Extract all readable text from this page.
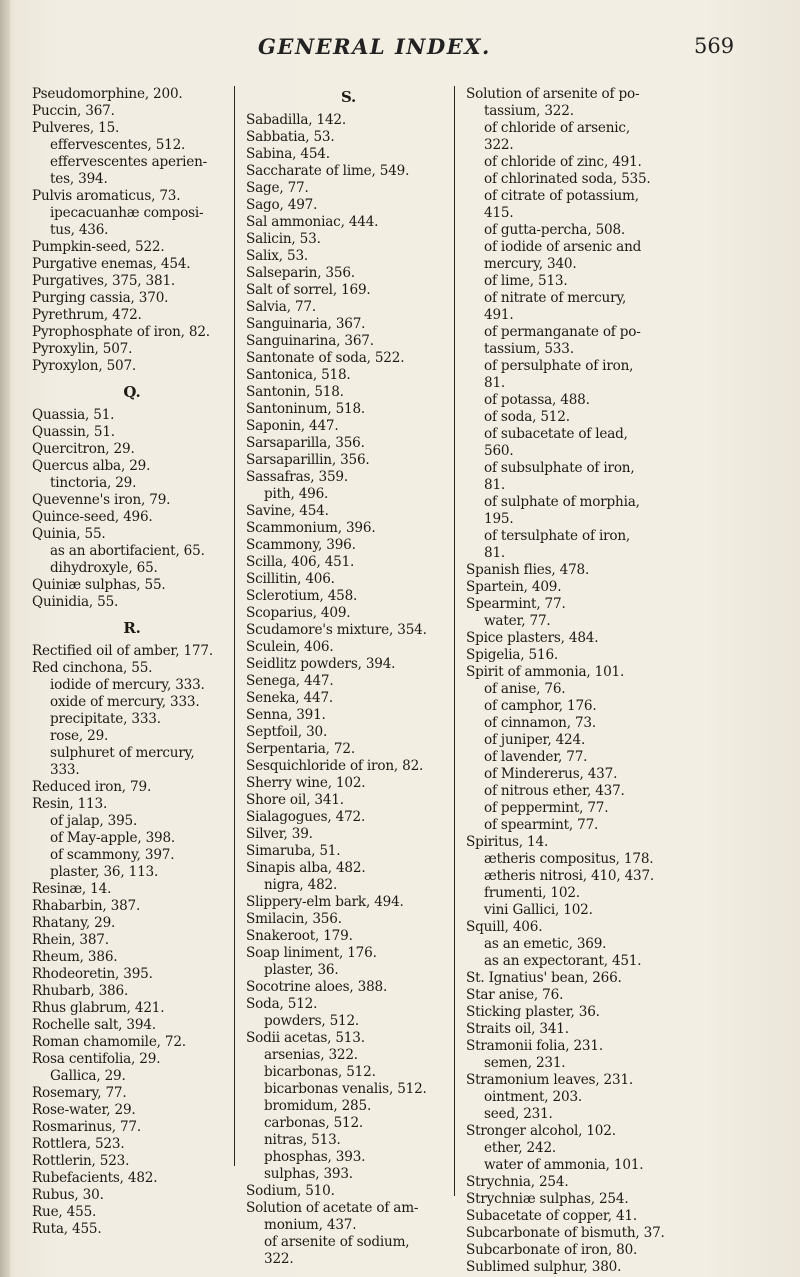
GENERAL INDEX.	569
Pseudomorphine, 200.
Puccin, 367.
Pulveres, 15.
effervescentes, 512.
effervescentes aperien-
tes, 394.
Pulvis aromaticus, 73.
ipecacuanhæ composi-
tus, 436.
Pumpkin-seed, 522.
Purgative enemas, 454.
Purgatives, 375, 381.
Purging cassia, 370.
Pyrethrum, 472.
Pyrophosphate of iron, 82.
Pyroxylin, 507.
Pyroxylon, 507.
Q.
Quassia, 51.
Quassin, 51.
Quercitron, 29.
Quercus alba, 29.
tinctoria, 29.
Quevenne's iron, 79.
Quince-seed, 496.
Quinia, 55.
as an abortifacient, 65.
dihydroxyle, 65.
Quiniæ sulphas, 55.
Quinidia, 55.
R.
Rectified oil of amber, 177.
Red cinchona, 55.
iodide of mercury, 333.
oxide of mercury, 333.
precipitate, 333.
rose, 29.
sulphuret of mercury,
333.
Reduced iron, 79.
Resin, 113.
of jalap, 395.
of May-apple, 398.
of scammony, 397.
plaster, 36, 113.
Resinæ, 14.
Rhabarbin, 387.
Rhatany, 29.
Rhein, 387.
Rheum, 386.
Rhodeoretin, 395.
Rhubarb, 386.
Rhus glabrum, 421.
Rochelle salt, 394.
Roman chamomile, 72.
Rosa centifolia, 29.
Gallica, 29.
Rosemary, 77.
Rose-water, 29.
Rosmarinus, 77.
Rottlera, 523.
Rottlerin, 523.
Rubefacients, 482.
Rubus, 30.
Rue, 455.
Ruta, 455.
S.
Sabadilla, 142.
Sabbatia, 53.
Sabina, 454.
Saccharate of lime, 549.
Sage, 77.
Sago, 497.
Sal ammoniac, 444.
Salicin, 53.
Salix, 53.
Salseparin, 356.
Salt of sorrel, 169.
Salvia, 77.
Sanguinaria, 367.
Sanguinarina, 367.
Santonate of soda, 522.
Santonica, 518.
Santonin, 518.
Santoninum, 518.
Saponin, 447.
Sarsaparilla, 356.
Sarsaparillin, 356.
Sassafras, 359.
pith, 496.
Savine, 454.
Scammonium, 396.
Scammony, 396.
Scilla, 406, 451.
Scillitin, 406.
Sclerotium, 458.
Scoparius, 409.
Scudamore's mixture, 354.
Sculein, 406.
Seidlitz powders, 394.
Senega, 447.
Seneka, 447.
Senna, 391.
Septfoil, 30.
Serpentaria, 72.
Sesquichloride of iron, 82.
Sherry wine, 102.
Shore oil, 341.
Sialagogues, 472.
Silver, 39.
Simaruba, 51.
Sinapis alba, 482.
nigra, 482.
Slippery-elm bark, 494.
Smilacin, 356.
Snakeroot, 179.
Soap liniment, 176.
plaster, 36.
Socotrine aloes, 388.
Soda, 512.
powders, 512.
Sodii acetas, 513.
arsenias, 322.
bicarbonas, 512.
bicarbonas venalis, 512.
bromidum, 285.
carbonas, 512.
nitras, 513.
phosphas, 393.
sulphas, 393.
Sodium, 510.
Solution of acetate of am-
monium, 437.
of arsenite of sodium,
322.
Solution of arsenite of po-
tassium, 322.
of chloride of arsenic,
322.
of chloride of zinc, 491.
of chlorinated soda, 535.
of citrate of potassium,
415.
of gutta-percha, 508.
of iodide of arsenic and
mercury, 340.
of lime, 513.
of nitrate of mercury,
491.
of permanganate of po-
tassium, 533.
of persulphate of iron,
81.
of potassa, 488.
of soda, 512.
of subacetate of lead,
560.
of subsulphate of iron,
81.
of sulphate of morphia,
195.
of tersulphate of iron,
81.
Spanish flies, 478.
Spartein, 409.
Spearmint, 77.
water, 77.
Spice plasters, 484.
Spigelia, 516.
Spirit of ammonia, 101.
of anise, 76.
of camphor, 176.
of cinnamon, 73.
of juniper, 424.
of lavender, 77.
of Mindererus, 437.
of nitrous ether, 437.
of peppermint, 77.
of spearmint, 77.
Spiritus, 14.
ætheris compositus, 178.
ætheris nitrosi, 410, 437.
frumenti, 102.
vini Gallici, 102.
Squill, 406.
as an emetic, 369.
as an expectorant, 451.
St. Ignatius' bean, 266.
Star anise, 76.
Sticking plaster, 36.
Straits oil, 341.
Stramonii folia, 231.
semen, 231.
Stramonium leaves, 231.
ointment, 203.
seed, 231.
Stronger alcohol, 102.
ether, 242.
water of ammonia, 101.
Strychnia, 254.
Strychniæ sulphas, 254.
Subacetate of copper, 41.
Subcarbonate of bismuth, 37.
Subcarbonate of iron, 80.
Sublimed sulphur, 380.
